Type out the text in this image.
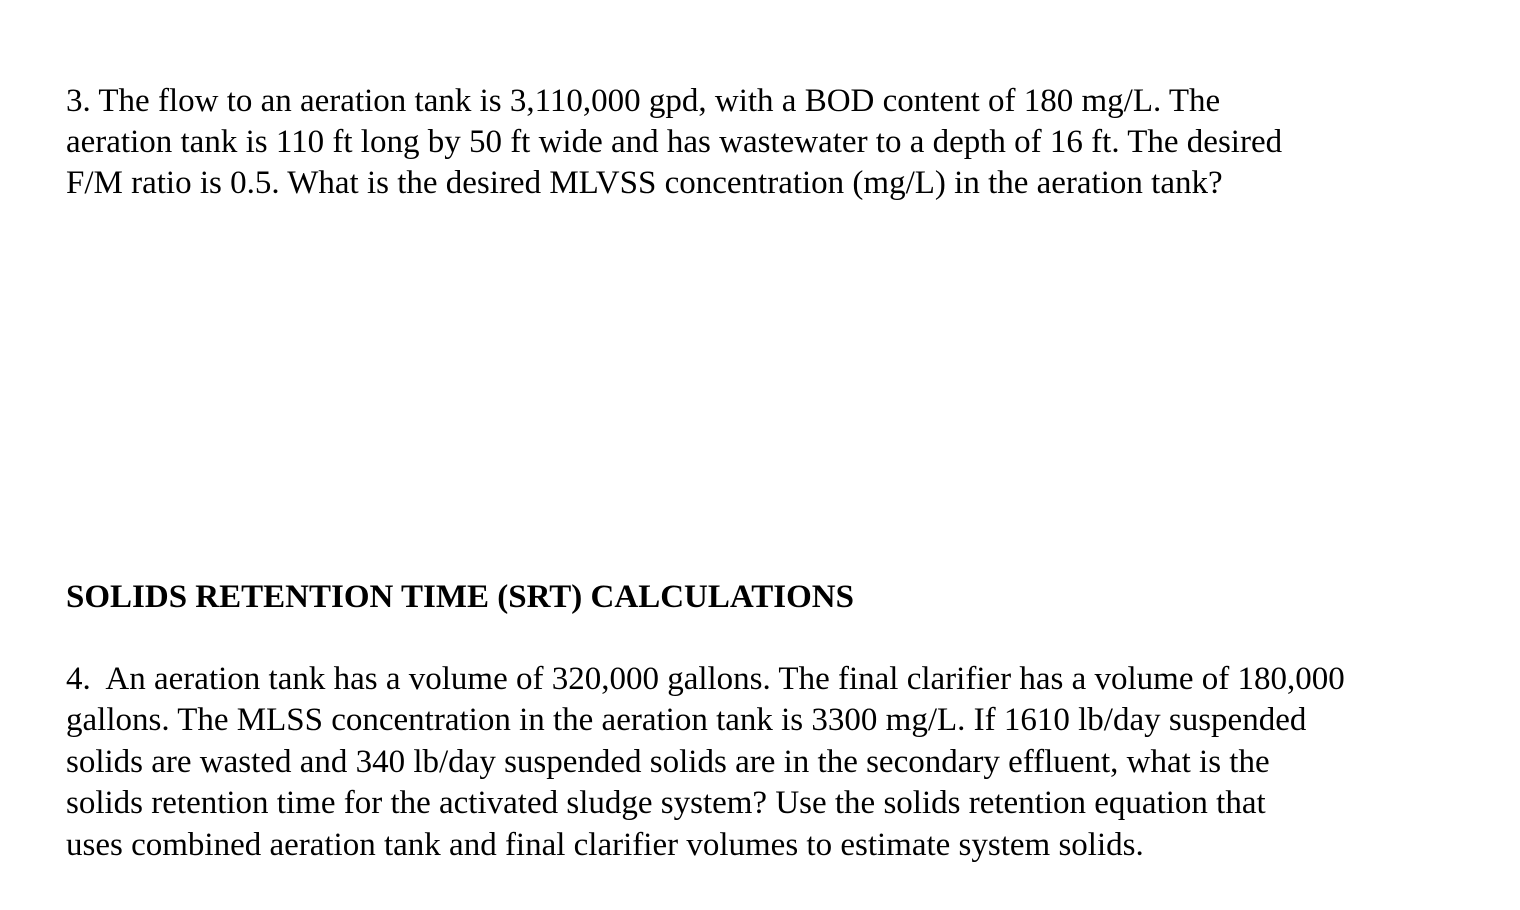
3. The flow to an aeration tank is 3,110,000 gpd, with a BOD content of 180 mg/L. The
aeration tank is 110 ft long by 50 ft wide and has wastewater to a depth of 16 ft. The desired
F/M ratio is 0.5. What is the desired MLVSS concentration (mg/L) in the aeration tank?
SOLIDS RETENTION TIME (SRT) CALCULATIONS
4.  An aeration tank has a volume of 320,000 gallons. The final clarifier has a volume of 180,000
gallons. The MLSS concentration in the aeration tank is 3300 mg/L. If 1610 lb/day suspended
solids are wasted and 340 lb/day suspended solids are in the secondary effluent, what is the
solids retention time for the activated sludge system? Use the solids retention equation that
uses combined aeration tank and final clarifier volumes to estimate system solids.
